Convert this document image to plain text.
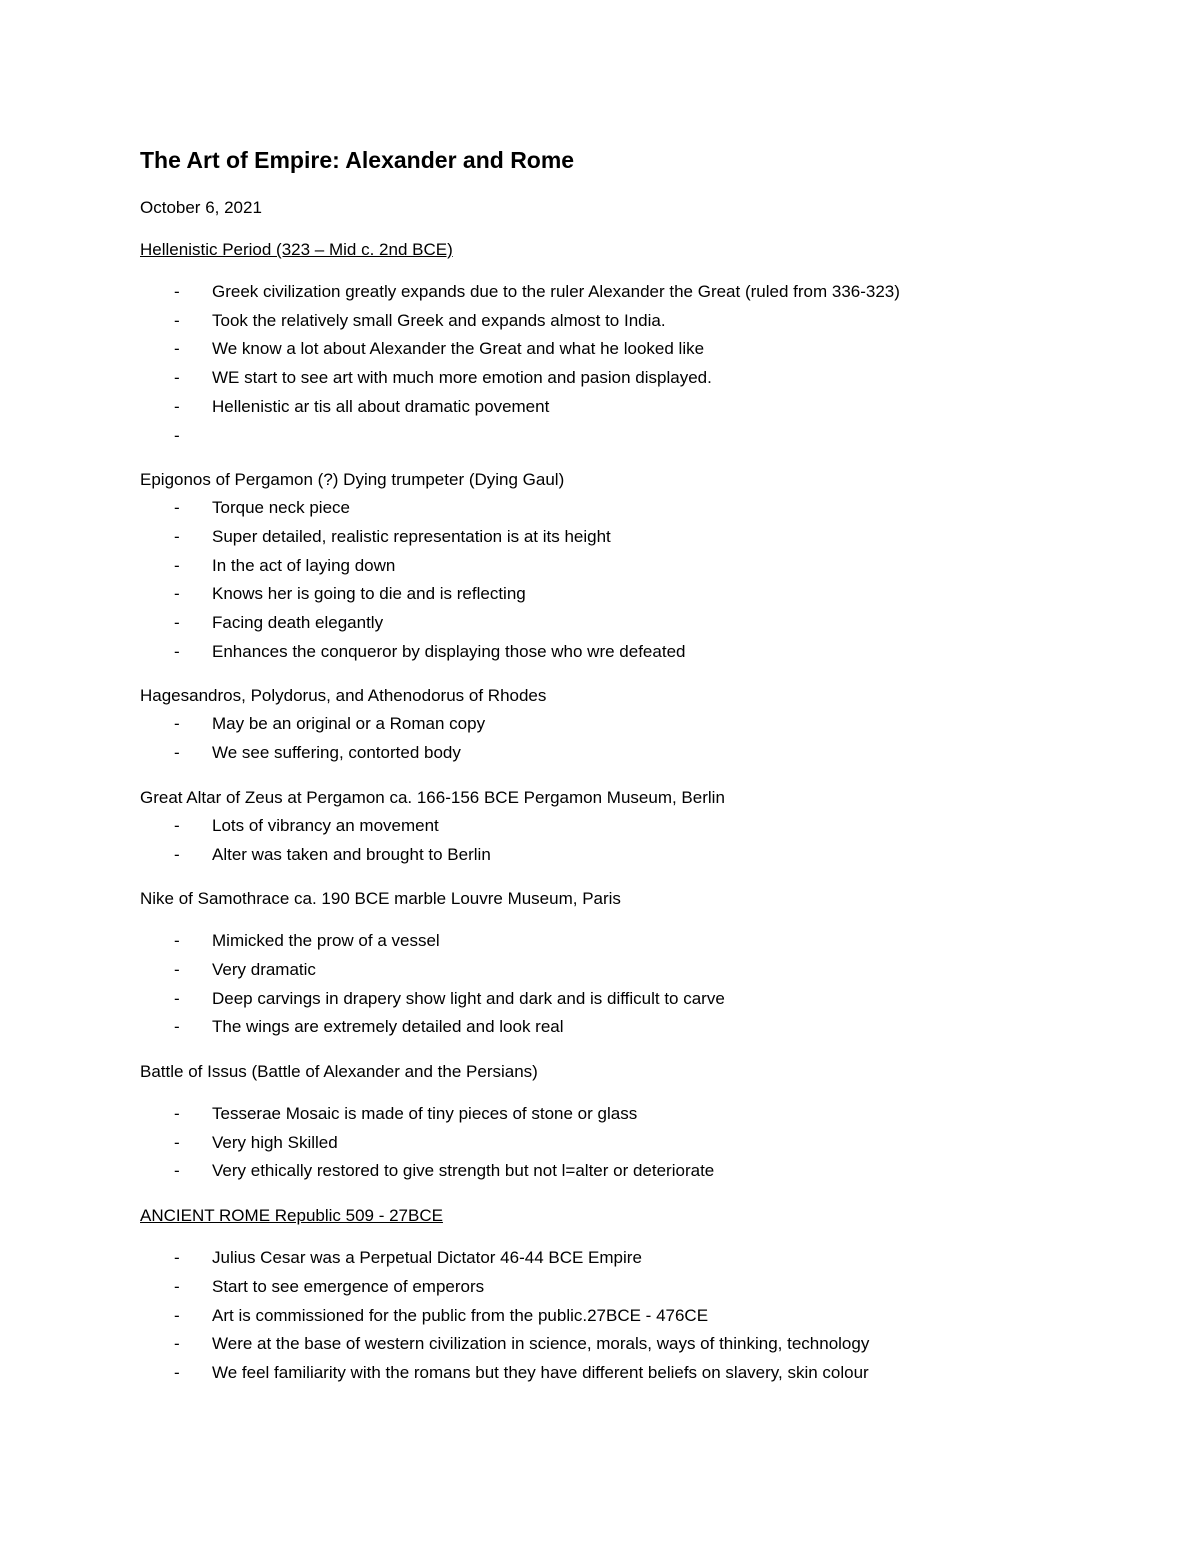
The Art of Empire: Alexander and Rome
October 6, 2021
Hellenistic Period (323 – Mid c. 2nd BCE)
- Greek civilization greatly expands due to the ruler Alexander the Great (ruled from 336-323)
- Took the relatively small Greek and expands almost to India.
- We know a lot about Alexander the Great and what he looked like
- WE start to see art with much more emotion and pasion displayed.
- Hellenistic ar tis all about dramatic povement
-
Epigonos of Pergamon (?) Dying trumpeter (Dying Gaul)
- Torque neck piece
- Super detailed, realistic representation is at its height
- In the act of laying down
- Knows her is going to die and is reflecting
- Facing death elegantly
- Enhances the conqueror by displaying those who wre defeated
Hagesandros, Polydorus, and Athenodorus of Rhodes
- May be an original or a Roman copy
- We see suffering, contorted body
Great Altar of Zeus at Pergamon ca. 166-156 BCE Pergamon Museum, Berlin
- Lots of vibrancy an movement
- Alter was taken and brought to Berlin
Nike of Samothrace ca. 190 BCE marble Louvre Museum, Paris
- Mimicked the prow of a vessel
- Very dramatic
- Deep carvings in drapery show light and dark and is difficult to carve
- The wings are extremely detailed and look real
Battle of Issus (Battle of Alexander and the Persians)
- Tesserae Mosaic is made of tiny pieces of stone or glass
- Very high Skilled
- Very ethically restored to give strength but not l=alter or deteriorate
ANCIENT ROME Republic 509 - 27BCE
- Julius Cesar was a Perpetual Dictator 46-44 BCE Empire
- Start to see emergence of emperors
- Art is commissioned for the public from the public.27BCE - 476CE
- Were at the base of western civilization in science, morals, ways of thinking, technology
- We feel familiarity with the romans but they have different beliefs on slavery, skin colour
